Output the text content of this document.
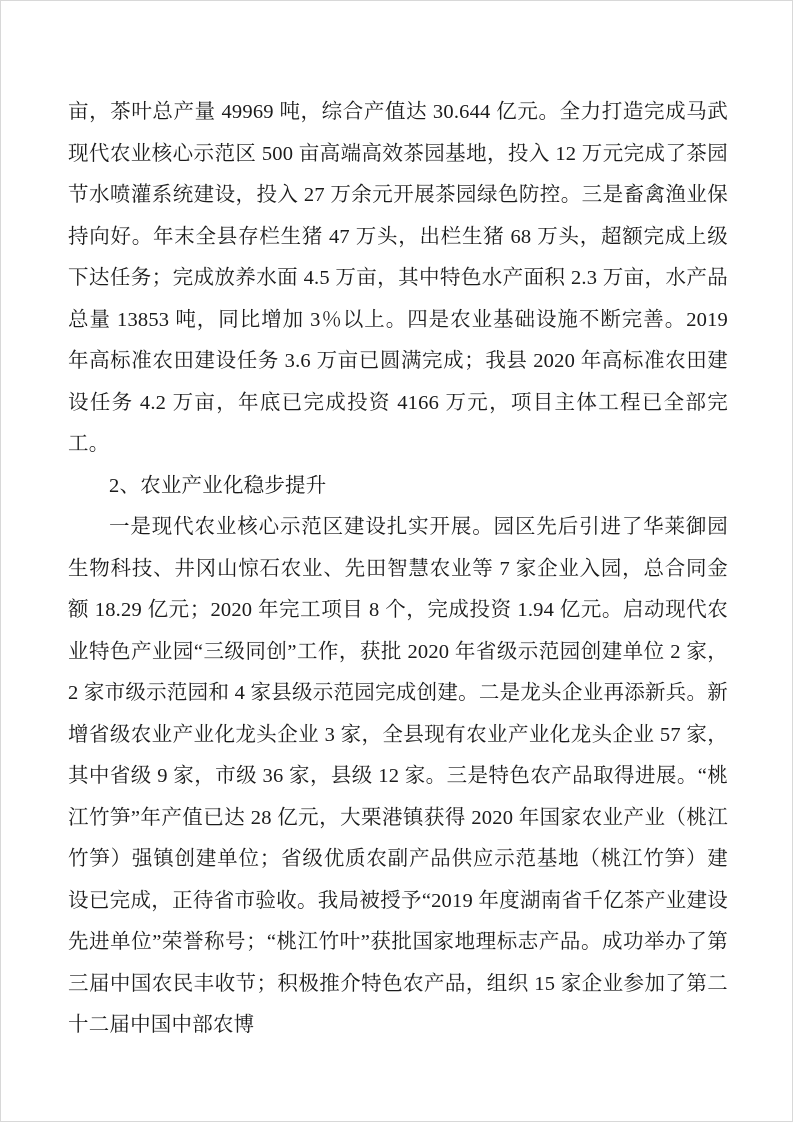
亩，茶叶总产量 49969 吨，综合产值达 30.644 亿元。全力打造完成马武现代农业核心示范区 500 亩高端高效茶园基地，投入 12 万元完成了茶园节水喷灌系统建设，投入 27 万余元开展茶园绿色防控。三是畜禽渔业保持向好。年末全县存栏生猪 47 万头，出栏生猪 68 万头，超额完成上级下达任务；完成放养水面 4.5 万亩，其中特色水产面积 2.3 万亩，水产品总量 13853 吨，同比增加 3％以上。四是农业基础设施不断完善。2019 年高标准农田建设任务 3.6 万亩已圆满完成；我县 2020 年高标准农田建设任务 4.2 万亩，年底已完成投资 4166 万元，项目主体工程已全部完工。

2、农业产业化稳步提升

一是现代农业核心示范区建设扎实开展。园区先后引进了华莱御园生物科技、井冈山惊石农业、先田智慧农业等 7 家企业入园，总合同金额 18.29 亿元；2020 年完工项目 8 个，完成投资 1.94 亿元。启动现代农业特色产业园“三级同创”工作，获批 2020 年省级示范园创建单位 2 家，2 家市级示范园和 4 家县级示范园完成创建。二是龙头企业再添新兵。新增省级农业产业化龙头企业 3 家，全县现有农业产业化龙头企业 57 家，其中省级 9 家，市级 36 家，县级 12 家。三是特色农产品取得进展。“桃江竹笋”年产值已达 28 亿元，大栗港镇获得 2020 年国家农业产业（桃江竹笋）强镇创建单位；省级优质农副产品供应示范基地（桃江竹笋）建设已完成，正待省市验收。我局被授予“2019 年度湖南省千亿茶产业建设先进单位”荣誉称号；“桃江竹叶”获批国家地理标志产品。成功举办了第三届中国农民丰收节；积极推介特色农产品，组织 15 家企业参加了第二十二届中国中部农博
